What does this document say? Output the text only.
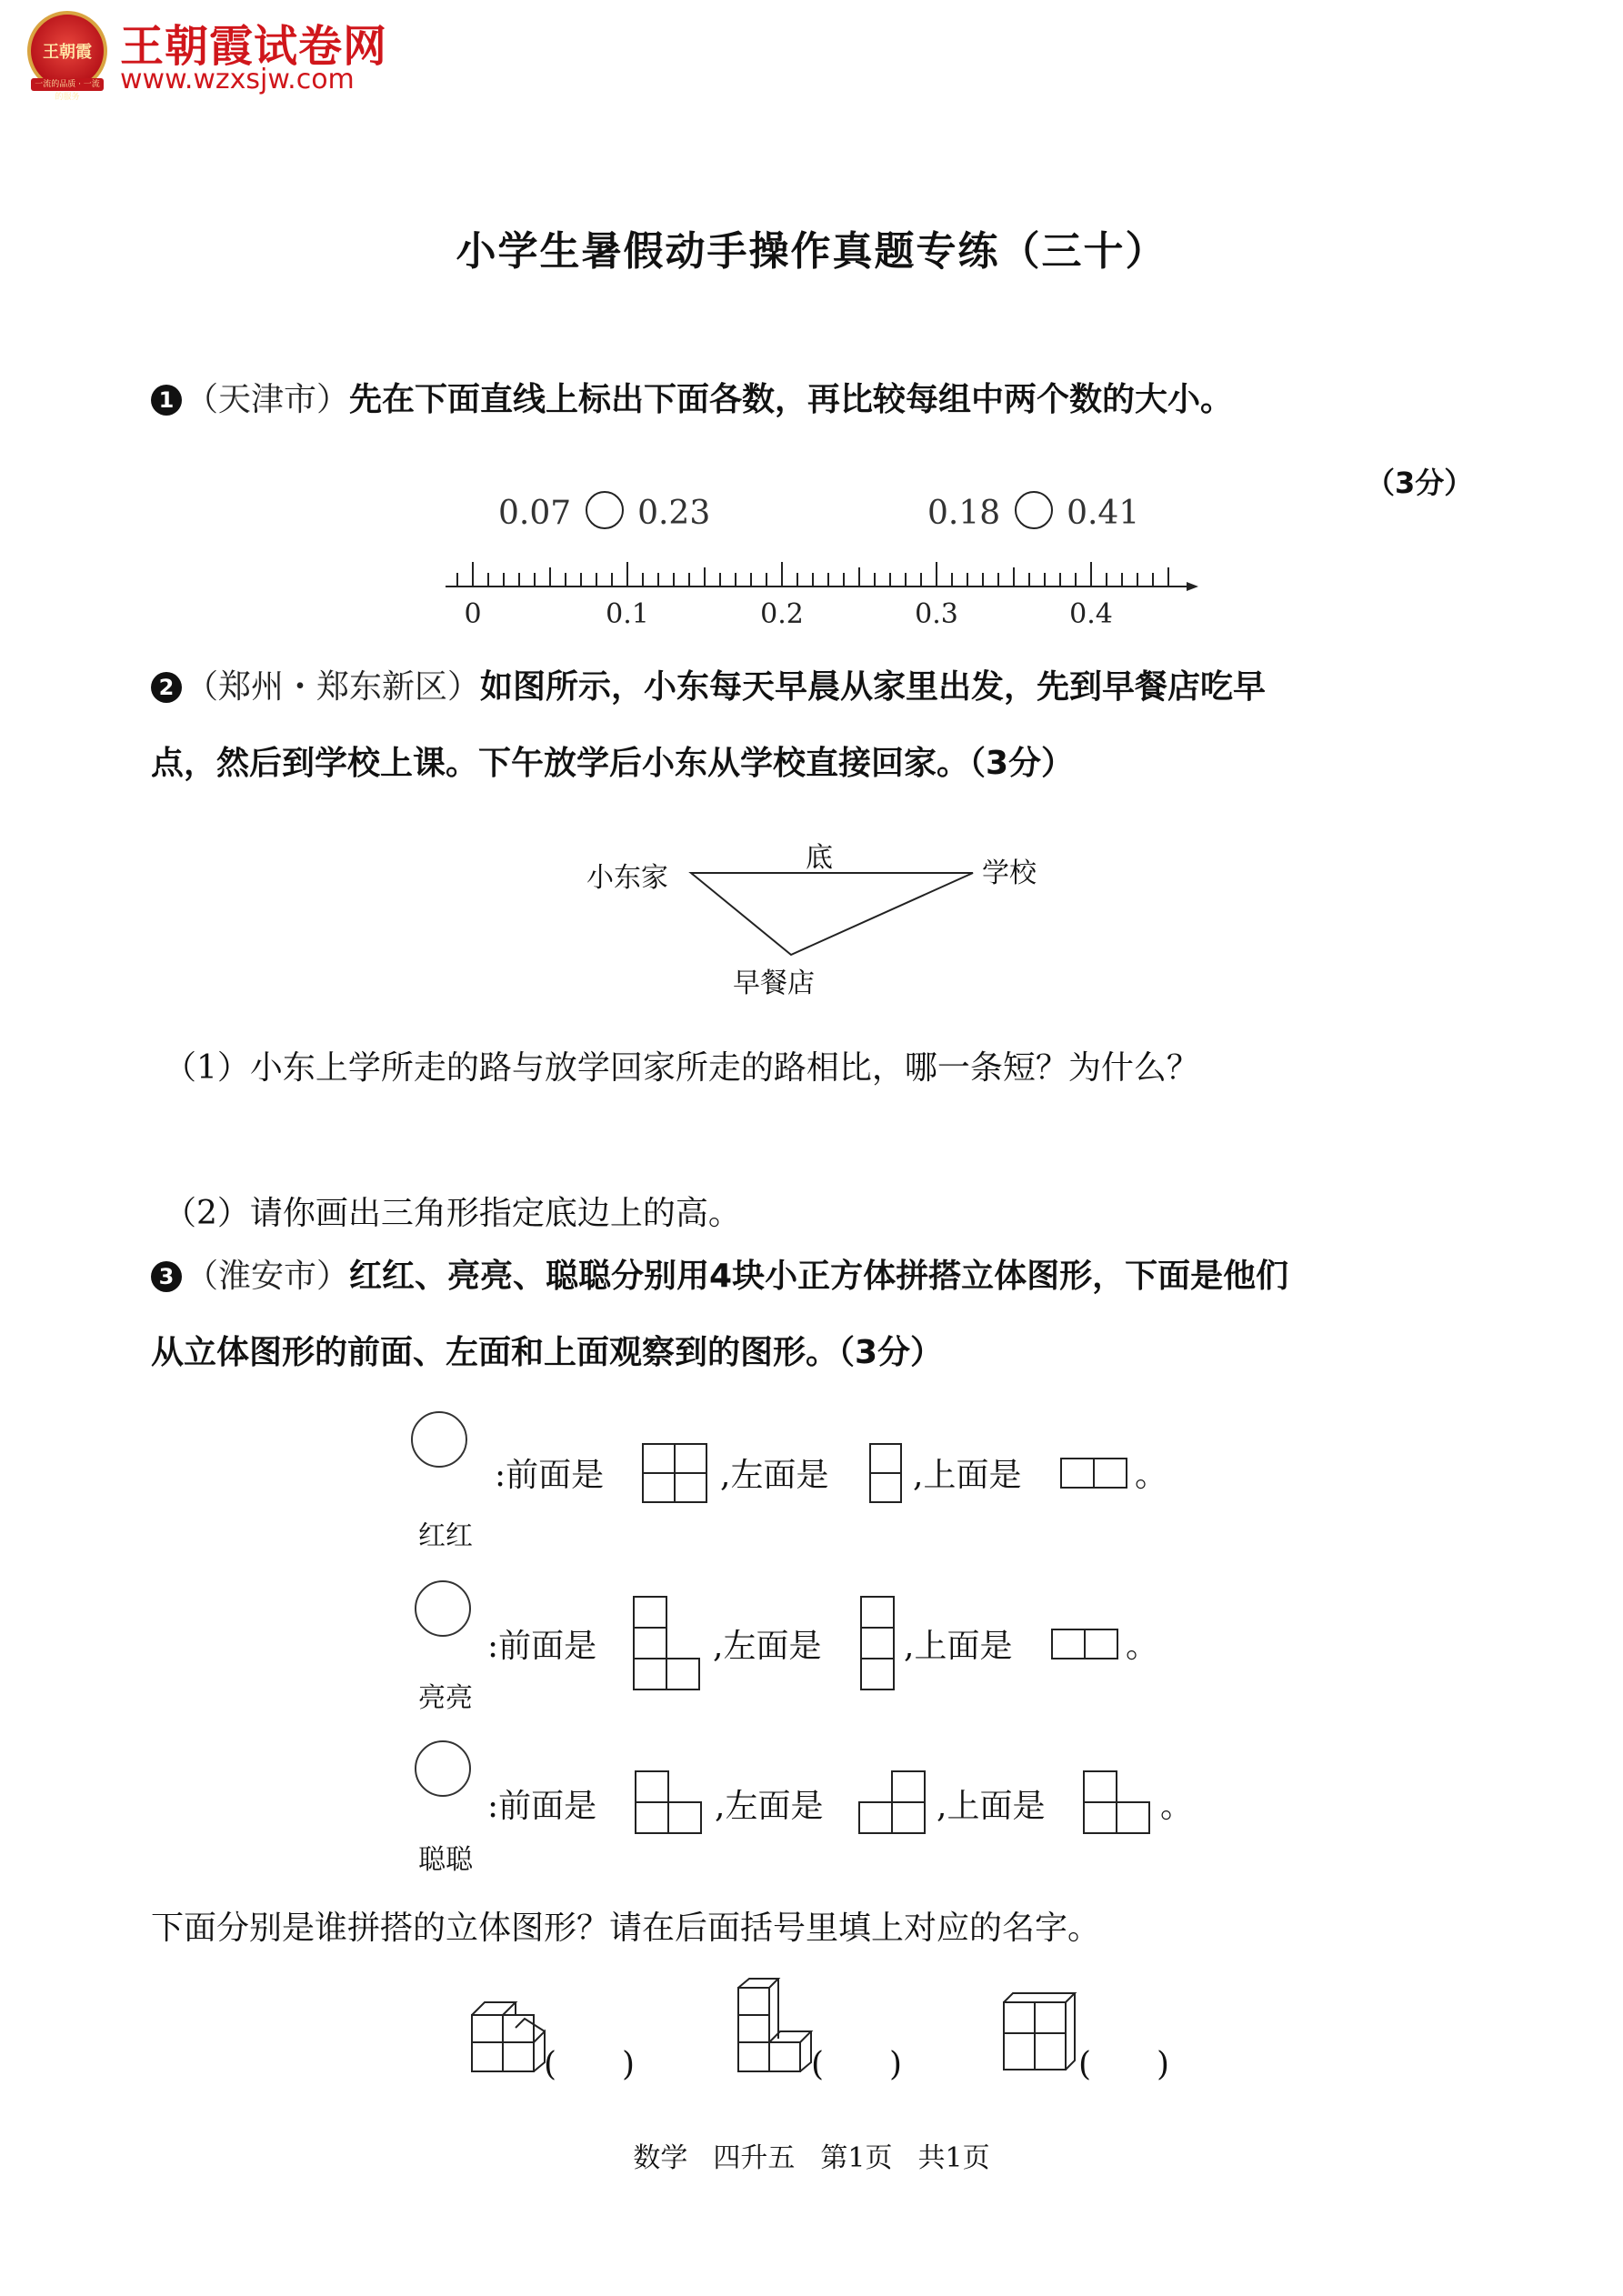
王朝霞
一流的品质 · 一流的服务
王朝霞试卷网
www.wzxsjw.com
小学生暑假动手操作真题专练（三十）
1 （天津市）先在下面直线上标出下面各数，再比较每组中两个数的大小。
（3分）
0.07 0.23	0.18 0.41
0	0.1	0.2	0.3	0.4
2 （郑州・郑东新区）如图所示，小东每天早晨从家里出发，先到早餐店吃早
点，然后到学校上课。下午放学后小东从学校直接回家。（3分）
小东家
底	学校
早餐店
（1）小东上学所走的路与放学回家所走的路相比，哪一条短？为什么？
（2）请你画出三角形指定底边上的高。
3 （淮安市）红红、亮亮、聪聪分别用4块小正方体拼搭立体图形，下面是他们
从立体图形的前面、左面和上面观察到的图形。（3分）
红红
:前面是	,左面是	,上面是	。
亮亮
:前面是	,左面是	,上面是	。
聪聪
:前面是	,左面是	,上面是	。
下面分别是谁拼搭的立体图形？请在后面括号里填上对应的名字。
(　　)	(　　)	(　　)
数学 四升五 第1页 共1页
